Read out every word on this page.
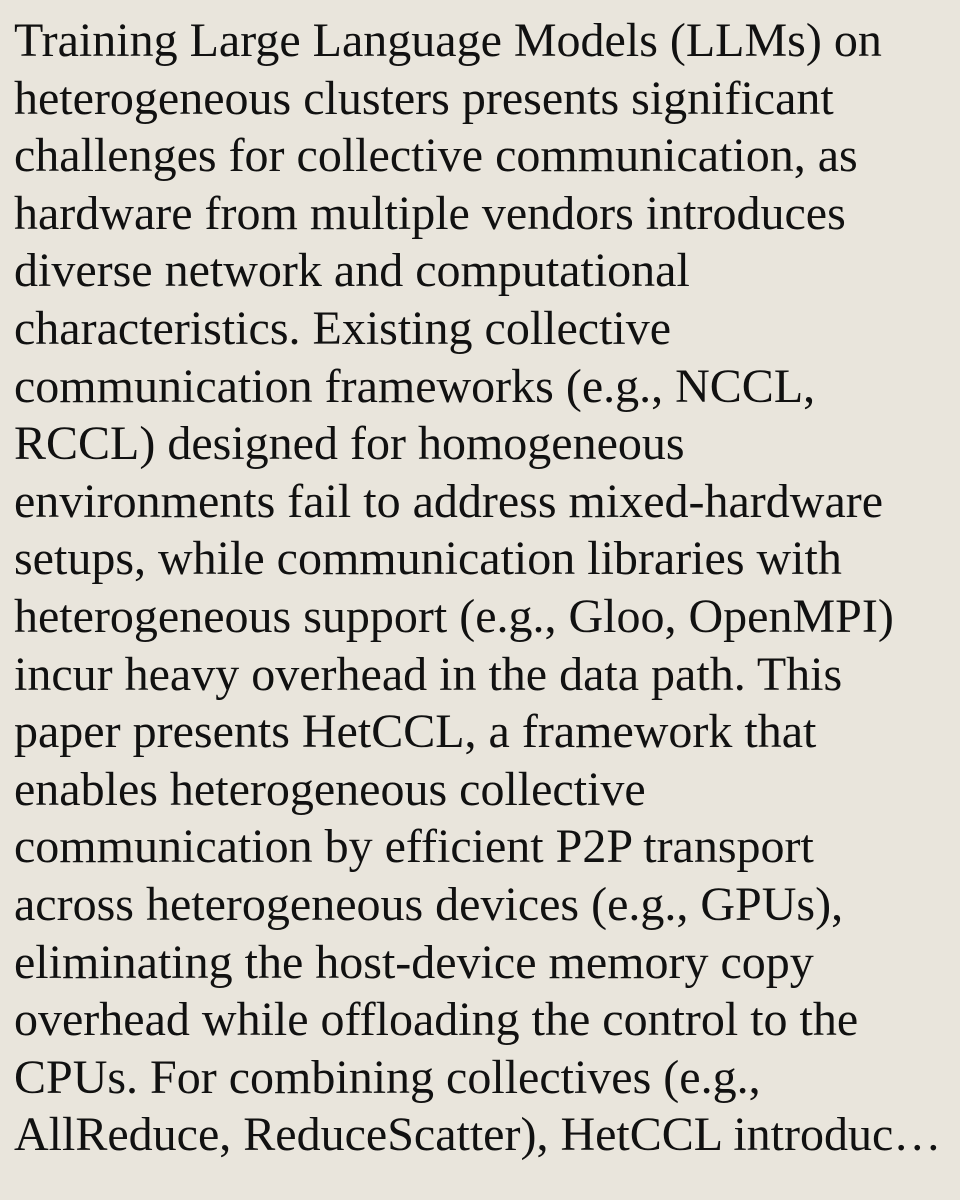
Training Large Language Models (LLMs) on
heterogeneous clusters presents significant
challenges for collective communication, as
hardware from multiple vendors introduces
diverse network and computational
characteristics. Existing collective
communication frameworks (e.g., NCCL,
RCCL) designed for homogeneous
environments fail to address mixed-hardware
setups, while communication libraries with
heterogeneous support (e.g., Gloo, OpenMPI)
incur heavy overhead in the data path. This
paper presents HetCCL, a framework that
enables heterogeneous collective
communication by efficient P2P transport
across heterogeneous devices (e.g., GPUs),
eliminating the host-device memory copy
overhead while offloading the control to the
CPUs. For combining collectives (e.g.,
AllReduce, ReduceScatter), HetCCL introduc…
